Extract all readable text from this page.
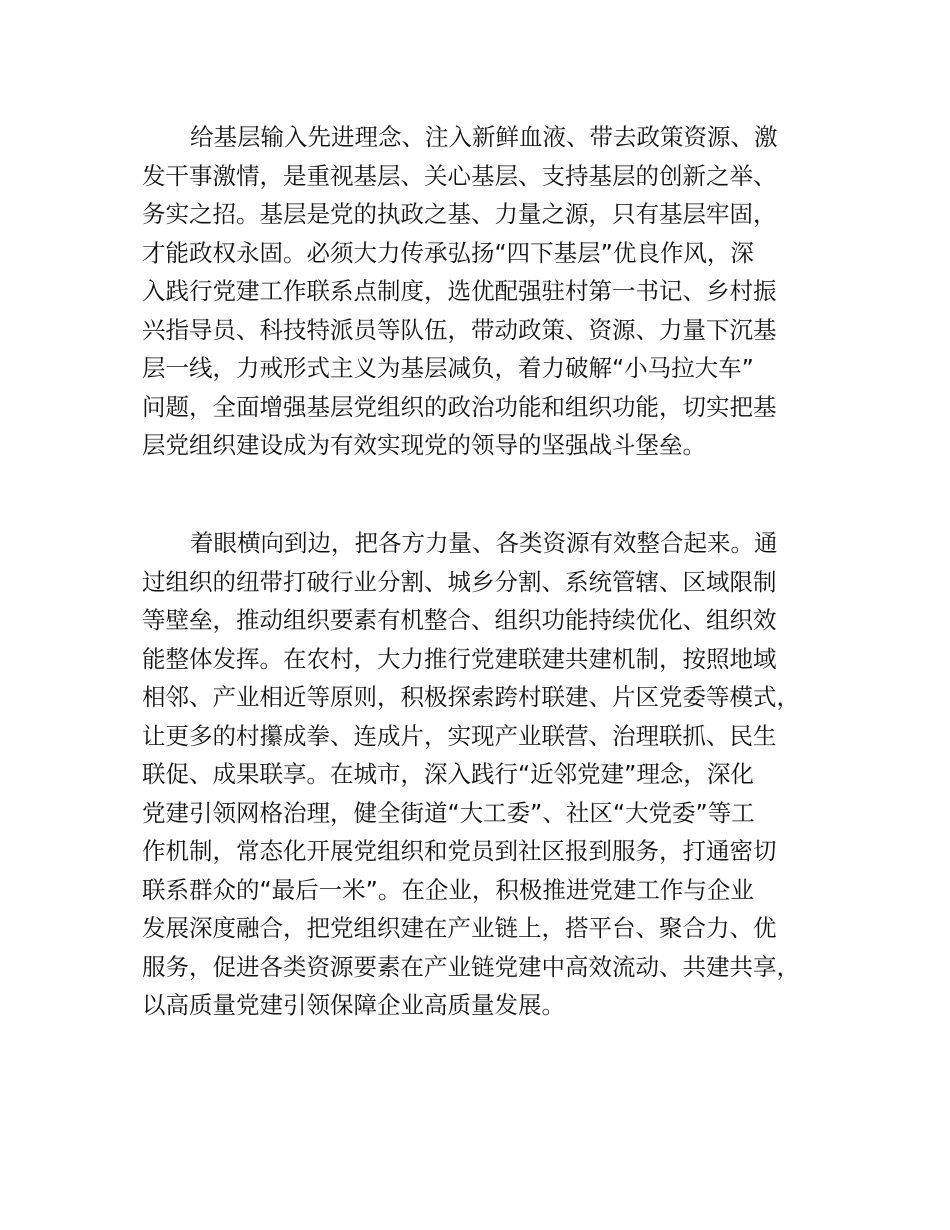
给基层输入先进理念、注入新鲜血液、带去政策资源、激
发干事激情，是重视基层、关心基层、支持基层的创新之举、
务实之招。基层是党的执政之基、力量之源，只有基层牢固，
才能政权永固。必须大力传承弘扬“四下基层”优良作风，深
入践行党建工作联系点制度，选优配强驻村第一书记、乡村振
兴指导员、科技特派员等队伍，带动政策、资源、力量下沉基
层一线，力戒形式主义为基层减负，着力破解“小马拉大车”
问题，全面增强基层党组织的政治功能和组织功能，切实把基
层党组织建设成为有效实现党的领导的坚强战斗堡垒。
着眼横向到边，把各方力量、各类资源有效整合起来。通
过组织的纽带打破行业分割、城乡分割、系统管辖、区域限制
等壁垒，推动组织要素有机整合、组织功能持续优化、组织效
能整体发挥。在农村，大力推行党建联建共建机制，按照地域
相邻、产业相近等原则，积极探索跨村联建、片区党委等模式，
让更多的村攥成拳、连成片，实现产业联营、治理联抓、民生
联促、成果联享。在城市，深入践行“近邻党建”理念，深化
党建引领网格治理，健全街道“大工委”、社区“大党委”等工
作机制，常态化开展党组织和党员到社区报到服务，打通密切
联系群众的“最后一米”。在企业，积极推进党建工作与企业
发展深度融合，把党组织建在产业链上，搭平台、聚合力、优
服务，促进各类资源要素在产业链党建中高效流动、共建共享，
以高质量党建引领保障企业高质量发展。
